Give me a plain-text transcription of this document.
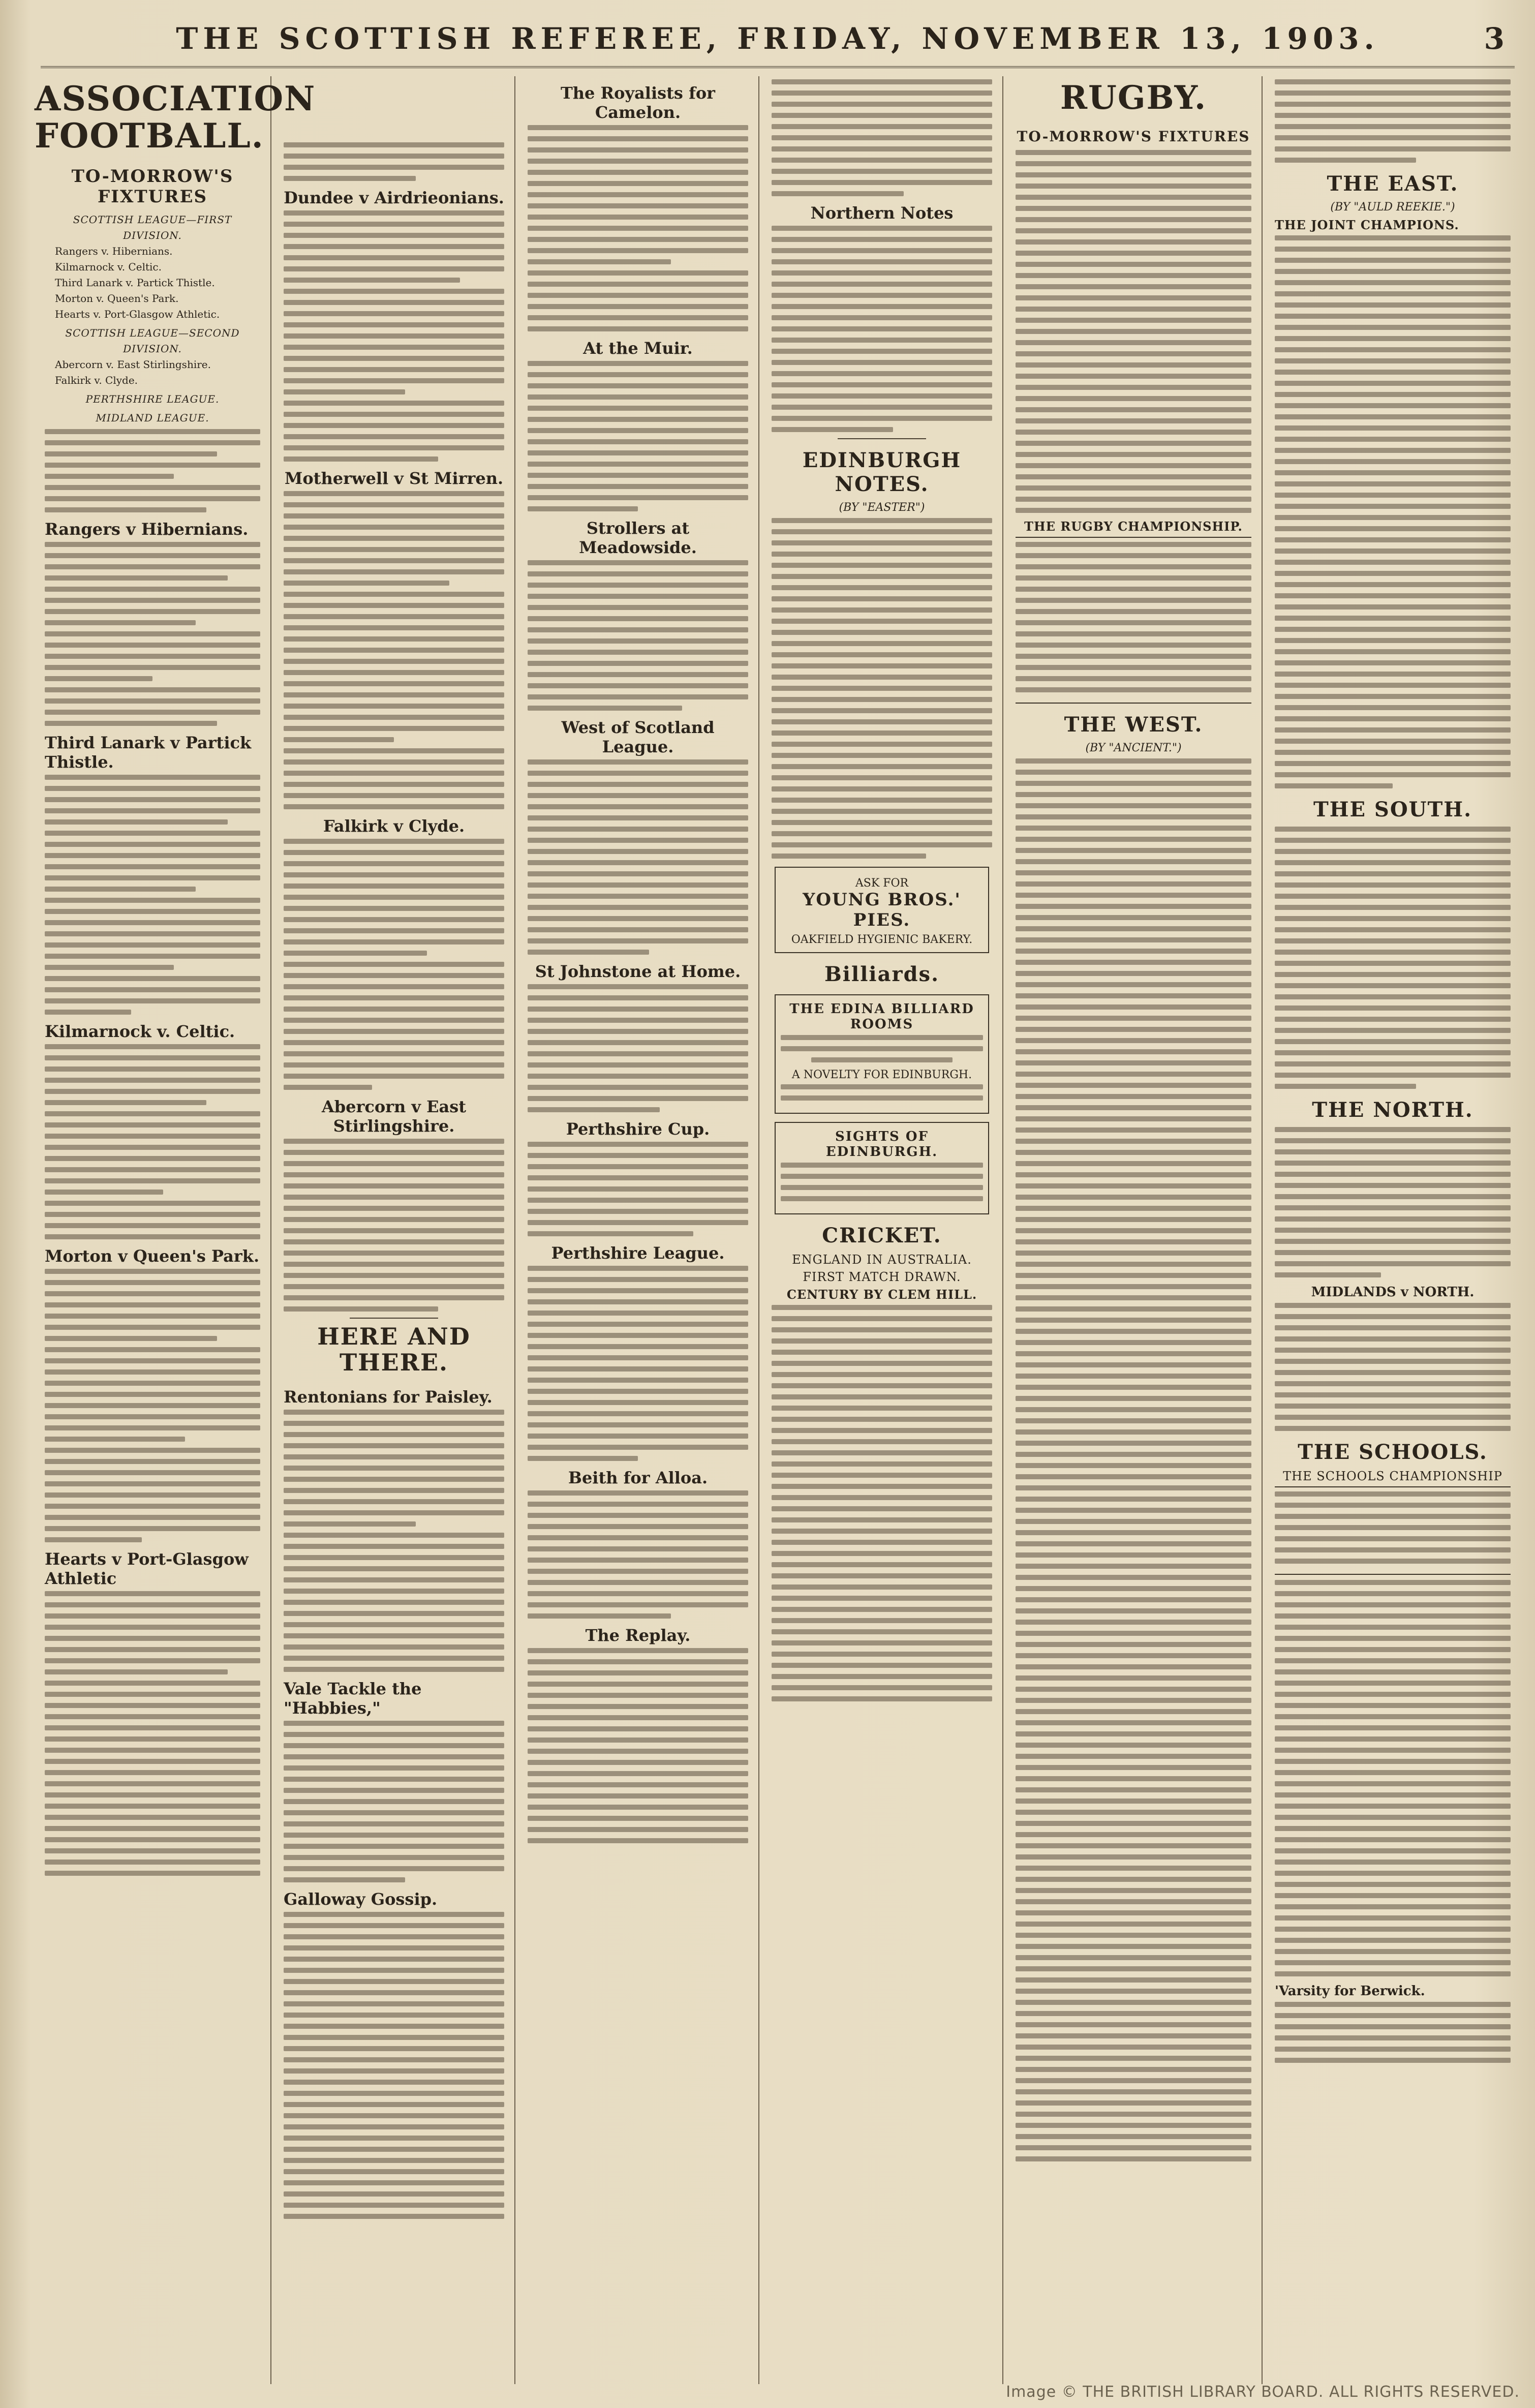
THE SCOTTISH REFEREE, FRIDAY, NOVEMBER 13, 1903.	3
ASSOCIATION FOOTBALL.
TO-MORROW'S FIXTURES
SCOTTISH LEAGUE—FIRST DIVISION.
Rangers v. Hibernians.
Kilmarnock v. Celtic.
Third Lanark v. Partick Thistle.
Morton v. Queen's Park.
Hearts v. Port-Glasgow Athletic.
SCOTTISH LEAGUE—SECOND DIVISION.
Abercorn v. East Stirlingshire.
Falkirk v. Clyde.
PERTHSHIRE LEAGUE.
MIDLAND LEAGUE.
Rangers v Hibernians.
Third Lanark v Partick Thistle.
Kilmarnock v. Celtic.
Morton v Queen's Park.
Hearts v Port-Glasgow Athletic
Dundee v Airdrieonians.
Motherwell v St Mirren.
Falkirk v Clyde.
Abercorn v East Stirlingshire.
HERE AND THERE.
Rentonians for Paisley.
Vale Tackle the "Habbies,"
Galloway Gossip.
The Royalists for Camelon.
At the Muir.
Strollers at Meadowside.
West of Scotland League.
St Johnstone at Home.
Perthshire Cup.
Perthshire League.
Beith for Alloa.
The Replay.
Northern Notes
EDINBURGH NOTES.
(BY "EASTER")
ASK FOR
YOUNG BROS.' PIES.
OAKFIELD HYGIENIC BAKERY.
Billiards.
THE EDINA BILLIARD ROOMS
A NOVELTY FOR EDINBURGH.
SIGHTS OF EDINBURGH.
CRICKET.
ENGLAND IN AUSTRALIA.
FIRST MATCH DRAWN.
CENTURY BY CLEM HILL.
RUGBY.
TO-MORROW'S FIXTURES
THE RUGBY CHAMPIONSHIP.
THE WEST.
(BY "ANCIENT.")
THE EAST.
(BY "AULD REEKIE.")
THE JOINT CHAMPIONS.
THE SOUTH.
THE NORTH.
MIDLANDS v NORTH.
THE SCHOOLS.
THE SCHOOLS CHAMPIONSHIP
'Varsity for Berwick.
Image © THE BRITISH LIBRARY BOARD. ALL RIGHTS RESERVED.
